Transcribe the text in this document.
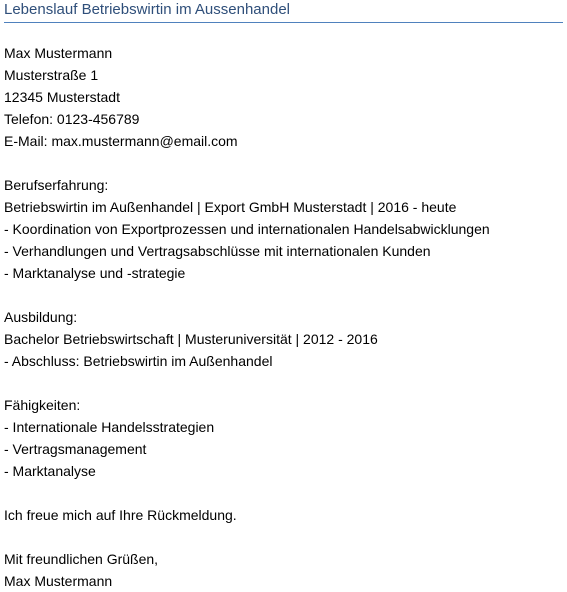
Lebenslauf Betriebswirtin im Aussenhandel
Max Mustermann
Musterstraße 1
12345 Musterstadt
Telefon: 0123-456789
E-Mail: max.mustermann@email.com
Berufserfahrung:
Betriebswirtin im Außenhandel | Export GmbH Musterstadt | 2016 - heute
- Koordination von Exportprozessen und internationalen Handelsabwicklungen
- Verhandlungen und Vertragsabschlüsse mit internationalen Kunden
- Marktanalyse und -strategie
Ausbildung:
Bachelor Betriebswirtschaft | Musteruniversität | 2012 - 2016
- Abschluss: Betriebswirtin im Außenhandel
Fähigkeiten:
- Internationale Handelsstrategien
- Vertragsmanagement
- Marktanalyse
Ich freue mich auf Ihre Rückmeldung.
Mit freundlichen Grüßen,
Max Mustermann
